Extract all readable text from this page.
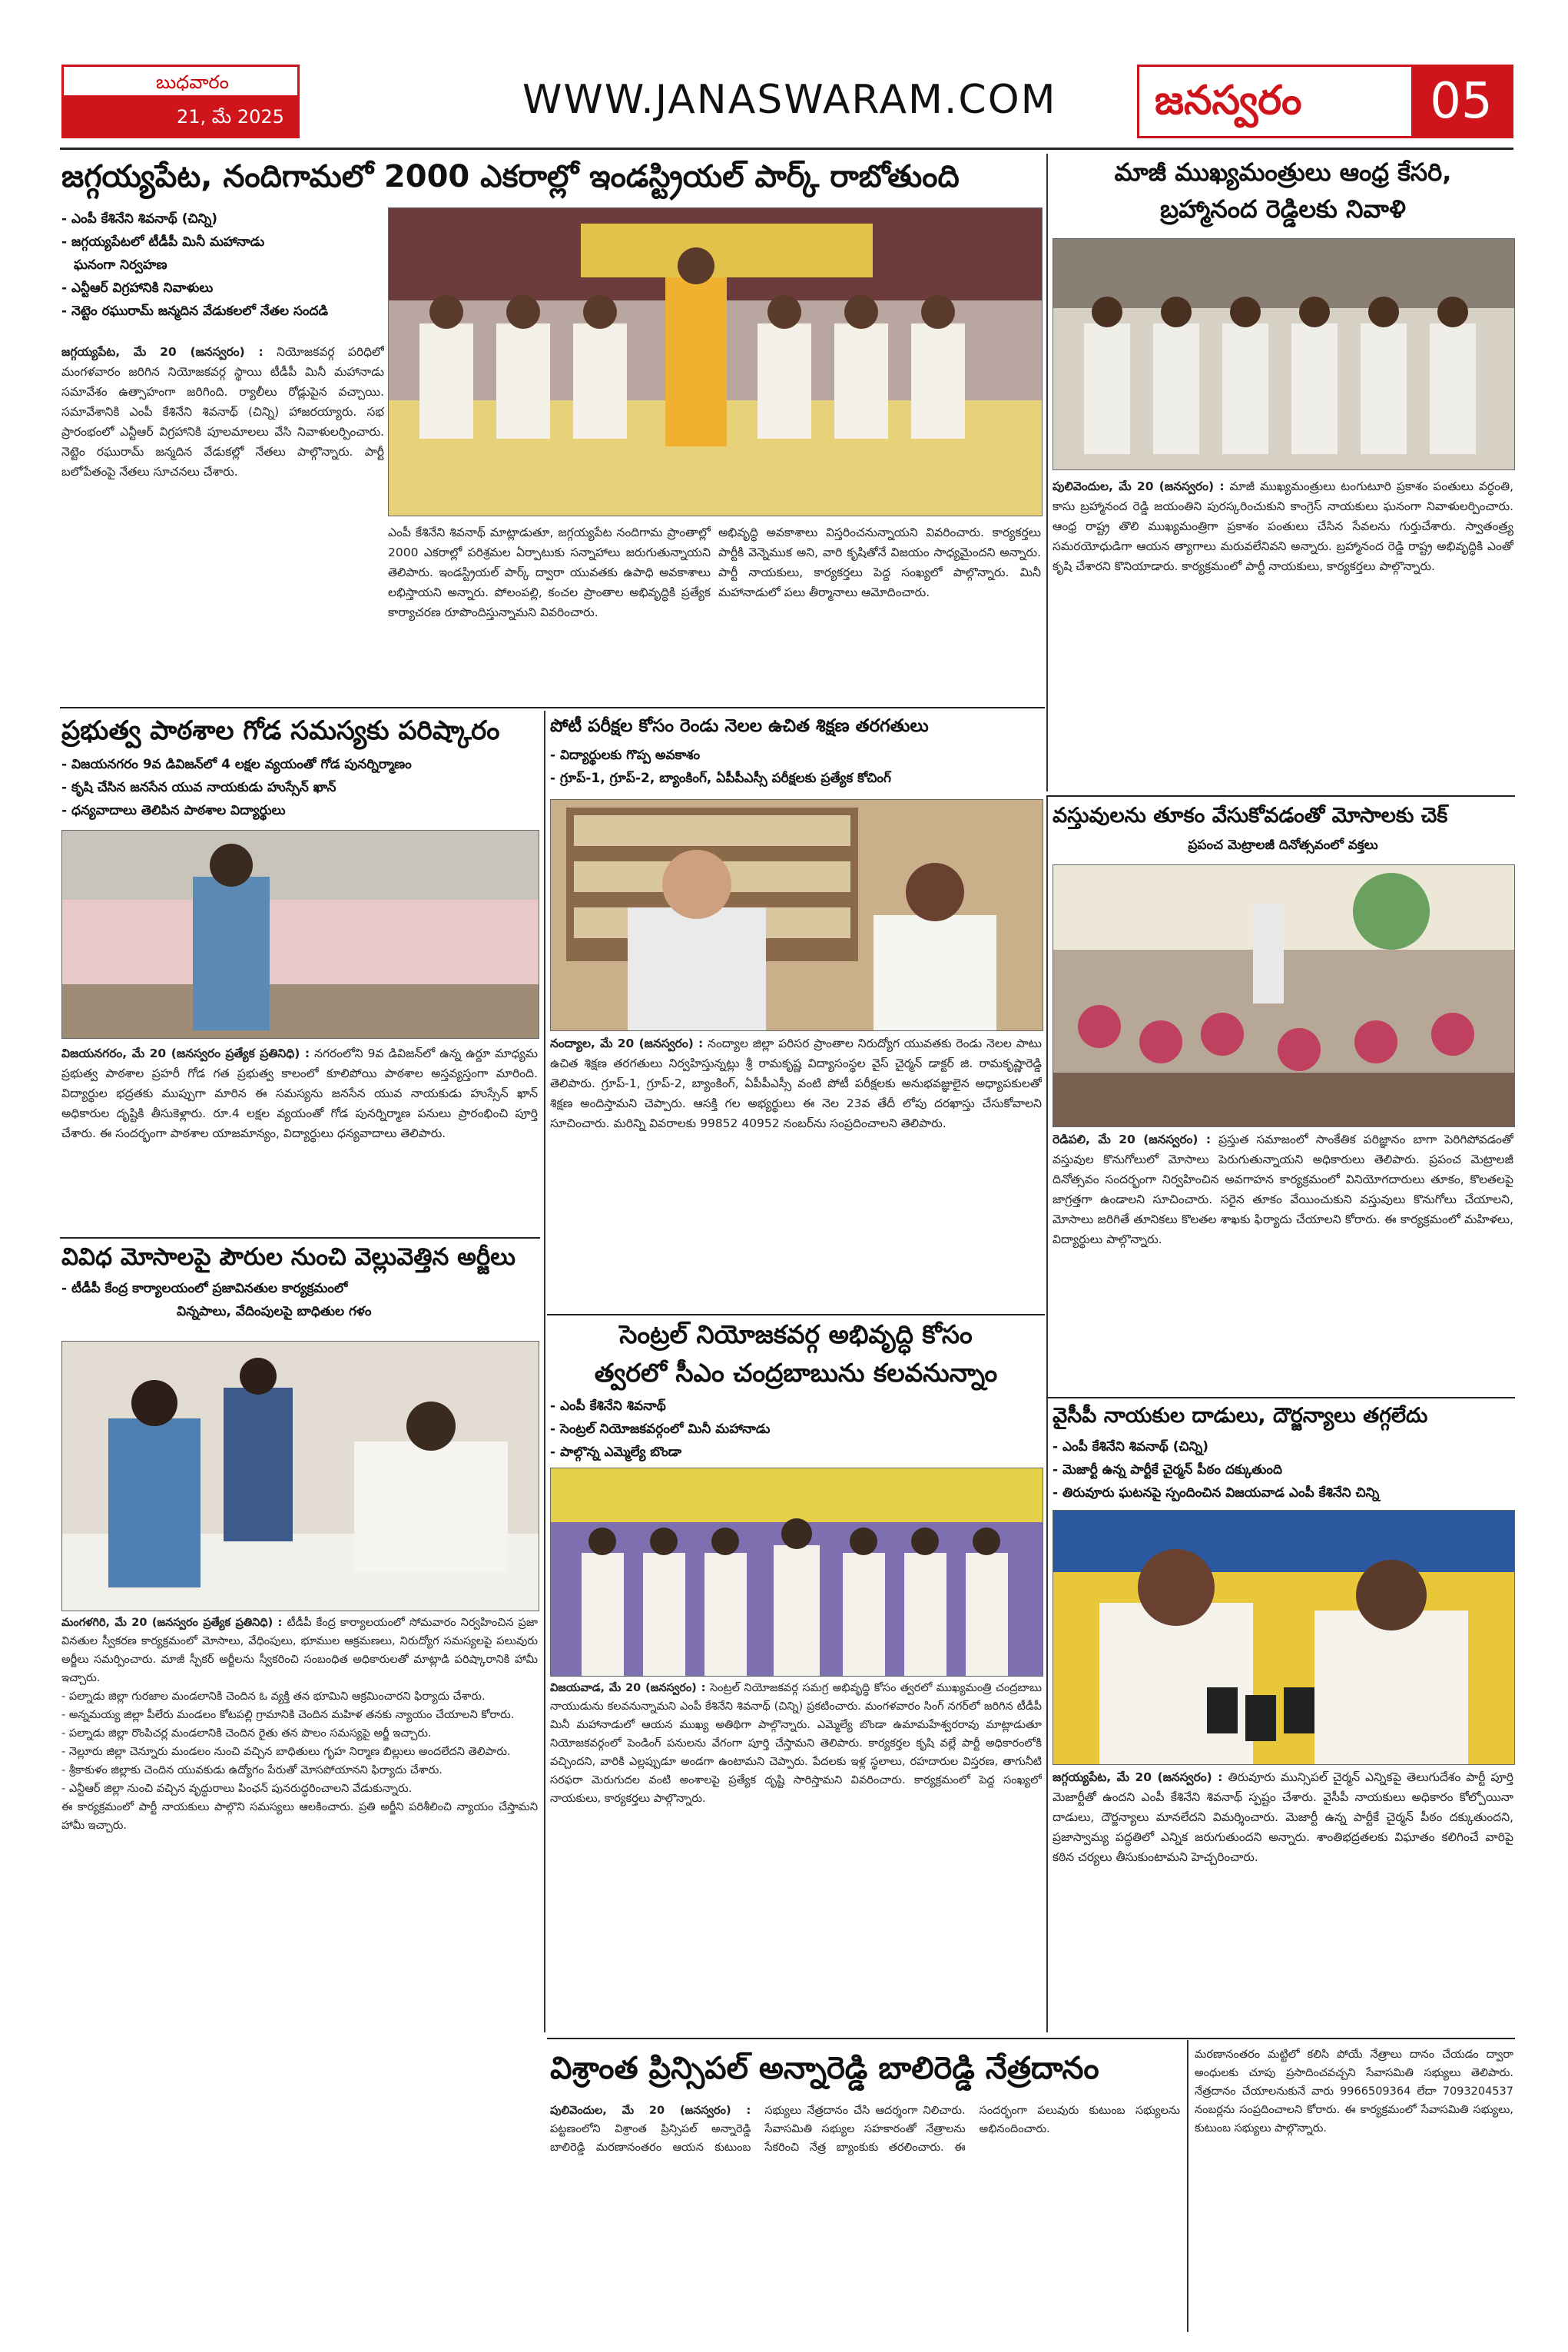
బుధవారం
21, మే 2025	WWW.JANASWARAM.COM జనస్వరం	05
జగ్గయ్యపేట, నందిగామలో 2000 ఎకరాల్లో ఇండస్ట్రియల్ పార్క్ రాబోతుంది
- ఎంపీ కేశినేని శివనాథ్ (చిన్ని)
- జగ్గయ్యపేటలో టీడీపీ మినీ మహానాడు
ఘనంగా నిర్వహణ
- ఎన్టీఆర్ విగ్రహానికి నివాళులు
- నెట్టెం రఘురామ్ జన్మదిన వేడుకలలో నేతల సందడి
జగ్గయ్యపేట, మే 20 (జనస్వరం) : నియోజకవర్గ పరిధిలో మంగళవారం జరిగిన నియోజకవర్గ స్థాయి టీడీపీ మినీ మహానాడు సమావేశం ఉత్సాహంగా జరిగింది. ర్యాలీలు రోడ్లుపైన వచ్చాయి. సమావేశానికి ఎంపీ కేశినేని శివనాథ్ (చిన్ని) హాజరయ్యారు. సభ ప్రారంభంలో ఎన్టీఆర్ విగ్రహానికి పూలమాలలు వేసి నివాళులర్పించారు. నెట్టెం రఘురామ్ జన్మదిన వేడుకల్లో నేతలు పాల్గొన్నారు. పార్టీ బలోపేతంపై నేతలు సూచనలు చేశారు.
ఎంపీ కేశినేని శివనాథ్ మాట్లాడుతూ, జగ్గయ్యపేట నందిగామ ప్రాంతాల్లో 2000 ఎకరాల్లో పరిశ్రమల ఏర్పాటుకు సన్నాహాలు జరుగుతున్నాయని తెలిపారు. ఇండస్ట్రియల్ పార్క్ ద్వారా యువతకు ఉపాధి అవకాశాలు లభిస్తాయని అన్నారు. పోలంపల్లి, కంచల ప్రాంతాల అభివృద్ధికి ప్రత్యేక కార్యాచరణ రూపొందిస్తున్నామని వివరించారు.
అభివృద్ధి అవకాశాలు విస్తరించనున్నాయని వివరించారు. కార్యకర్తలు పార్టీకి వెన్నెముక అని, వారి కృషితోనే విజయం సాధ్యమైందని అన్నారు. పార్టీ నాయకులు, కార్యకర్తలు పెద్ద సంఖ్యలో పాల్గొన్నారు. మినీ మహానాడులో పలు తీర్మానాలు ఆమోదించారు.
మాజీ ముఖ్యమంత్రులు ఆంధ్ర కేసరి,
బ్రహ్మానంద రెడ్డిలకు నివాళి
పులివెందుల, మే 20 (జనస్వరం) : మాజీ ముఖ్యమంత్రులు టంగుటూరి ప్రకాశం పంతులు వర్ధంతి, కాసు బ్రహ్మానంద రెడ్డి జయంతిని పురస్కరించుకుని కాంగ్రెస్ నాయకులు ఘనంగా నివాళులర్పించారు. ఆంధ్ర రాష్ట్ర తొలి ముఖ్యమంత్రిగా ప్రకాశం పంతులు చేసిన సేవలను గుర్తుచేశారు. స్వాతంత్ర్య సమరయోధుడిగా ఆయన త్యాగాలు మరువలేనివని అన్నారు. బ్రహ్మానంద రెడ్డి రాష్ట్ర అభివృద్ధికి ఎంతో కృషి చేశారని కొనియాడారు. కార్యక్రమంలో పార్టీ నాయకులు, కార్యకర్తలు పాల్గొన్నారు.
ప్రభుత్వ పాఠశాల గోడ సమస్యకు పరిష్కారం
- విజయనగరం 9వ డివిజన్‌లో 4 లక్షల వ్యయంతో గోడ పునర్నిర్మాణం
- కృషి చేసిన జనసేన యువ నాయకుడు హుస్సేన్ ఖాన్
- ధన్యవాదాలు తెలిపిన పాఠశాల విద్యార్థులు
విజయనగరం, మే 20 (జనస్వరం ప్రత్యేక ప్రతినిధి) : నగరంలోని 9వ డివిజన్‌లో ఉన్న ఉర్దూ మాధ్యమ ప్రభుత్వ పాఠశాల ప్రహరీ గోడ గత ప్రభుత్వ కాలంలో కూలిపోయి పాఠశాల అస్తవ్యస్తంగా మారింది. విద్యార్థుల భద్రతకు ముప్పుగా మారిన ఈ సమస్యను జనసేన యువ నాయకుడు హుస్సేన్ ఖాన్ అధికారుల దృష్టికి తీసుకెళ్లారు. రూ.4 లక్షల వ్యయంతో గోడ పునర్నిర్మాణ పనులు ప్రారంభించి పూర్తి చేశారు. ఈ సందర్భంగా పాఠశాల యాజమాన్యం, విద్యార్థులు ధన్యవాదాలు తెలిపారు.
వివిధ మోసాలపై పౌరుల నుంచి వెల్లువెత్తిన అర్జీలు
- టీడీపీ కేంద్ర కార్యాలయంలో ప్రజావినతుల కార్యక్రమంలో
విన్నపాలు, వేదింపులపై బాధితుల గళం
మంగళగిరి, మే 20 (జనస్వరం ప్రత్యేక ప్రతినిధి) : టీడీపీ కేంద్ర కార్యాలయంలో సోమవారం నిర్వహించిన ప్రజా వినతుల స్వీకరణ కార్యక్రమంలో మోసాలు, వేధింపులు, భూముల ఆక్రమణలు, నిరుద్యోగ సమస్యలపై పలువురు అర్జీలు సమర్పించారు. మాజీ స్పీకర్ అర్జీలను స్వీకరించి సంబంధిత అధికారులతో మాట్లాడి పరిష్కారానికి హామీ ఇచ్చారు.
- పల్నాడు జిల్లా గురజాల మండలానికి చెందిన ఓ వ్యక్తి తన భూమిని ఆక్రమించారని ఫిర్యాదు చేశారు.
- అన్నమయ్య జిల్లా పీలేరు మండలం కోటపల్లి గ్రామానికి చెందిన మహిళ తనకు న్యాయం చేయాలని కోరారు.
- పల్నాడు జిల్లా రొంపిచర్ల మండలానికి చెందిన రైతు తన పొలం సమస్యపై అర్జీ ఇచ్చారు.
- నెల్లూరు జిల్లా చెన్నూరు మండలం నుంచి వచ్చిన బాధితులు గృహ నిర్మాణ బిల్లులు అందలేదని తెలిపారు.
- శ్రీకాకుళం జిల్లాకు చెందిన యువకుడు ఉద్యోగం పేరుతో మోసపోయానని ఫిర్యాదు చేశారు.
- ఎన్టీఆర్ జిల్లా నుంచి వచ్చిన వృద్ధురాలు పింఛన్ పునరుద్ధరించాలని వేడుకున్నారు.
ఈ కార్యక్రమంలో పార్టీ నాయకులు పాల్గొని సమస్యలు ఆలకించారు. ప్రతి అర్జీని పరిశీలించి న్యాయం చేస్తామని హామీ ఇచ్చారు.
పోటీ పరీక్షల కోసం రెండు నెలల ఉచిత శిక్షణ తరగతులు
- విద్యార్థులకు గొప్ప అవకాశం
- గ్రూప్-1, గ్రూప్-2, బ్యాంకింగ్, ఏపీపీఎస్సీ పరీక్షలకు ప్రత్యేక కోచింగ్
నంద్యాల, మే 20 (జనస్వరం) : నంద్యాల జిల్లా పరిసర ప్రాంతాల నిరుద్యోగ యువతకు రెండు నెలల పాటు ఉచిత శిక్షణ తరగతులు నిర్వహిస్తున్నట్లు శ్రీ రామకృష్ణ విద్యాసంస్థల వైస్ చైర్మన్ డాక్టర్ జి. రామకృష్ణారెడ్డి తెలిపారు. గ్రూప్-1, గ్రూప్-2, బ్యాంకింగ్, ఏపీపీఎస్సీ వంటి పోటీ పరీక్షలకు అనుభవజ్ఞులైన అధ్యాపకులతో శిక్షణ అందిస్తామని చెప్పారు. ఆసక్తి గల అభ్యర్థులు ఈ నెల 23వ తేదీ లోపు దరఖాస్తు చేసుకోవాలని సూచించారు. మరిన్ని వివరాలకు 99852 40952 నంబర్‌ను సంప్రదించాలని తెలిపారు.
సెంట్రల్ నియోజకవర్గ అభివృద్ధి కోసం
త్వరలో సీఎం చంద్రబాబును కలవనున్నాం
- ఎంపీ కేశినేని శివనాథ్
- సెంట్రల్ నియోజకవర్గంలో మినీ మహానాడు
- పాల్గొన్న ఎమ్మెల్యే బొండా
విజయవాడ, మే 20 (జనస్వరం) : సెంట్రల్ నియోజకవర్గ సమగ్ర అభివృద్ధి కోసం త్వరలో ముఖ్యమంత్రి చంద్రబాబు నాయుడును కలవనున్నామని ఎంపీ కేశినేని శివనాథ్ (చిన్ని) ప్రకటించారు. మంగళవారం సింగ్ నగర్‌లో జరిగిన టీడీపీ మినీ మహానాడులో ఆయన ముఖ్య అతిథిగా పాల్గొన్నారు. ఎమ్మెల్యే బొండా ఉమామహేశ్వరరావు మాట్లాడుతూ నియోజకవర్గంలో పెండింగ్ పనులను వేగంగా పూర్తి చేస్తామని తెలిపారు. కార్యకర్తల కృషి వల్లే పార్టీ అధికారంలోకి వచ్చిందని, వారికి ఎల్లప్పుడూ అండగా ఉంటామని చెప్పారు. పేదలకు ఇళ్ల స్థలాలు, రహదారుల విస్తరణ, తాగునీటి సరఫరా మెరుగుదల వంటి అంశాలపై ప్రత్యేక దృష్టి సారిస్తామని వివరించారు. కార్యక్రమంలో పెద్ద సంఖ్యలో నాయకులు, కార్యకర్తలు పాల్గొన్నారు.
వస్తువులను తూకం వేసుకోవడంతో మోసాలకు చెక్
ప్రపంచ మెట్రాలజీ దినోత్సవంలో వక్తలు
రెడిపలి, మే 20 (జనస్వరం) : ప్రస్తుత సమాజంలో సాంకేతిక పరిజ్ఞానం బాగా పెరిగిపోవడంతో వస్తువుల కొనుగోలులో మోసాలు పెరుగుతున్నాయని అధికారులు తెలిపారు. ప్రపంచ మెట్రాలజీ దినోత్సవం సందర్భంగా నిర్వహించిన అవగాహన కార్యక్రమంలో వినియోగదారులు తూకం, కొలతలపై జాగ్రత్తగా ఉండాలని సూచించారు. సరైన తూకం వేయించుకుని వస్తువులు కొనుగోలు చేయాలని, మోసాలు జరిగితే తూనికలు కొలతల శాఖకు ఫిర్యాదు చేయాలని కోరారు. ఈ కార్యక్రమంలో మహిళలు, విద్యార్థులు పాల్గొన్నారు.
వైసీపీ నాయకుల దాడులు, దౌర్జన్యాలు తగ్గలేదు
- ఎంపీ కేశినేని శివనాథ్ (చిన్ని)
- మెజార్టీ ఉన్న పార్టీకే చైర్మన్ పీఠం దక్కుతుంది
- తిరువూరు ఘటనపై స్పందించిన విజయవాడ ఎంపీ కేశినేని చిన్ని
జగ్గయ్యపేట, మే 20 (జనస్వరం) : తిరువూరు మున్సిపల్ చైర్మన్ ఎన్నికపై తెలుగుదేశం పార్టీ పూర్తి మెజార్టీతో ఉందని ఎంపీ కేశినేని శివనాథ్ స్పష్టం చేశారు. వైసీపీ నాయకులు అధికారం కోల్పోయినా దాడులు, దౌర్జన్యాలు మానలేదని విమర్శించారు. మెజార్టీ ఉన్న పార్టీకే చైర్మన్ పీఠం దక్కుతుందని, ప్రజాస్వామ్య పద్ధతిలో ఎన్నిక జరుగుతుందని అన్నారు. శాంతిభద్రతలకు విఘాతం కలిగించే వారిపై కఠిన చర్యలు తీసుకుంటామని హెచ్చరించారు.
విశ్రాంత ప్రిన్సిపల్ అన్నారెడ్డి బాలిరెడ్డి నేత్రదానం
పులివెందుల, మే 20 (జనస్వరం) : పట్టణంలోని విశ్రాంత ప్రిన్సిపల్ అన్నారెడ్డి బాలిరెడ్డి మరణానంతరం ఆయన కుటుంబ సభ్యులు నేత్రదానం చేసి ఆదర్శంగా నిలిచారు. సేవాసమితి సభ్యుల సహకారంతో నేత్రాలను సేకరించి నేత్ర బ్యాంకుకు తరలించారు. ఈ సందర్భంగా పలువురు కుటుంబ సభ్యులను అభినందించారు.
మరణానంతరం మట్టిలో కలిసి పోయే నేత్రాలు దానం చేయడం ద్వారా అంధులకు చూపు ప్రసాదించవచ్చని సేవాసమితి సభ్యులు తెలిపారు. నేత్రదానం చేయాలనుకునే వారు 9966509364 లేదా 7093204537 నంబర్లను సంప్రదించాలని కోరారు. ఈ కార్యక్రమంలో సేవాసమితి సభ్యులు, కుటుంబ సభ్యులు పాల్గొన్నారు.
